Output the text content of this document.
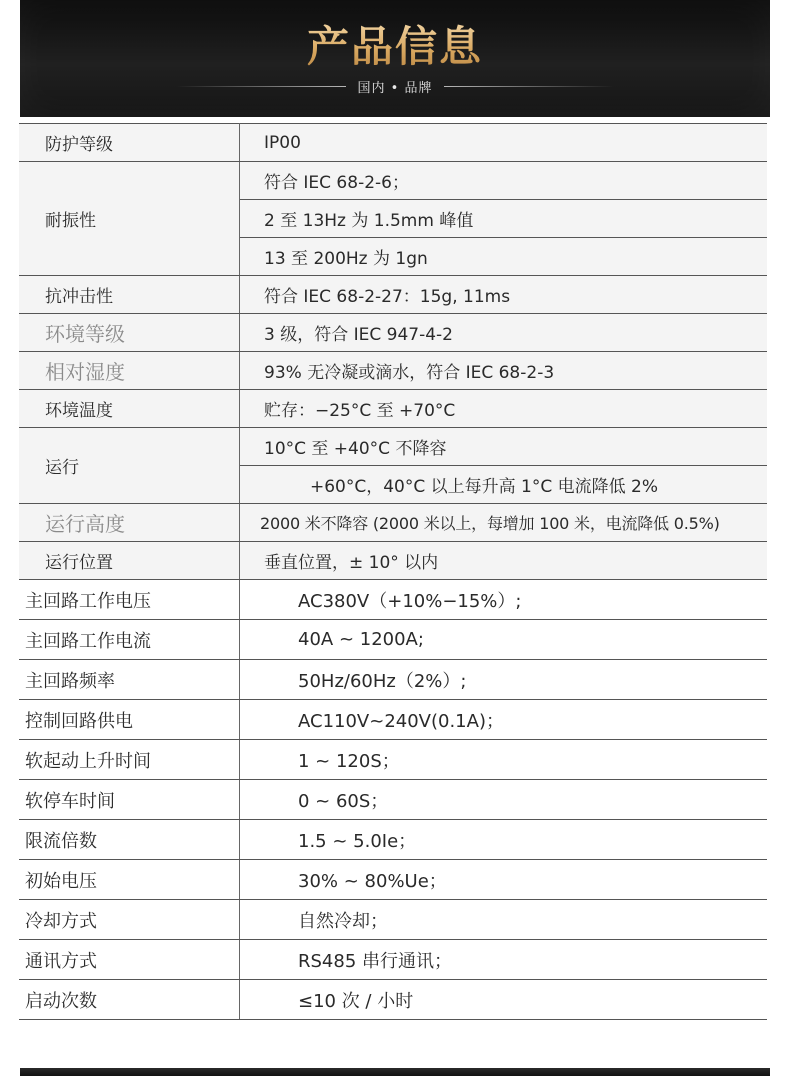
产品信息
国内 • 品牌
防护等级	IP00
耐振性	符合 IEC 68-2-6；
	2 至 13Hz 为 1.5mm 峰值
	13 至 200Hz 为 1gn
抗冲击性	符合 IEC 68-2-27：15g, 11ms
环境等级	3 级，符合 IEC 947-4-2
相对湿度	93% 无冷凝或滴水，符合 IEC 68-2-3
环境温度	贮存：−25°C 至 +70°C
运行	10°C 至 +40°C 不降容
	+60°C，40°C 以上每升高 1°C 电流降低 2%
运行高度	2000 米不降容 (2000 米以上，每增加 100 米，电流降低 0.5%)
运行位置	垂直位置，± 10° 以内
主回路工作电压	AC380V（+10%−15%）;
主回路工作电流	40A ~ 1200A;
主回路频率	50Hz/60Hz（2%）;
控制回路供电	AC110V~240V(0.1A)；
软起动上升时间	1 ~ 120S；
软停车时间	0 ~ 60S；
限流倍数	1.5 ~ 5.0Ie；
初始电压	30% ~ 80%Ue；
冷却方式	自然冷却；
通讯方式	RS485 串行通讯；
启动次数	≤10 次 / 小时
